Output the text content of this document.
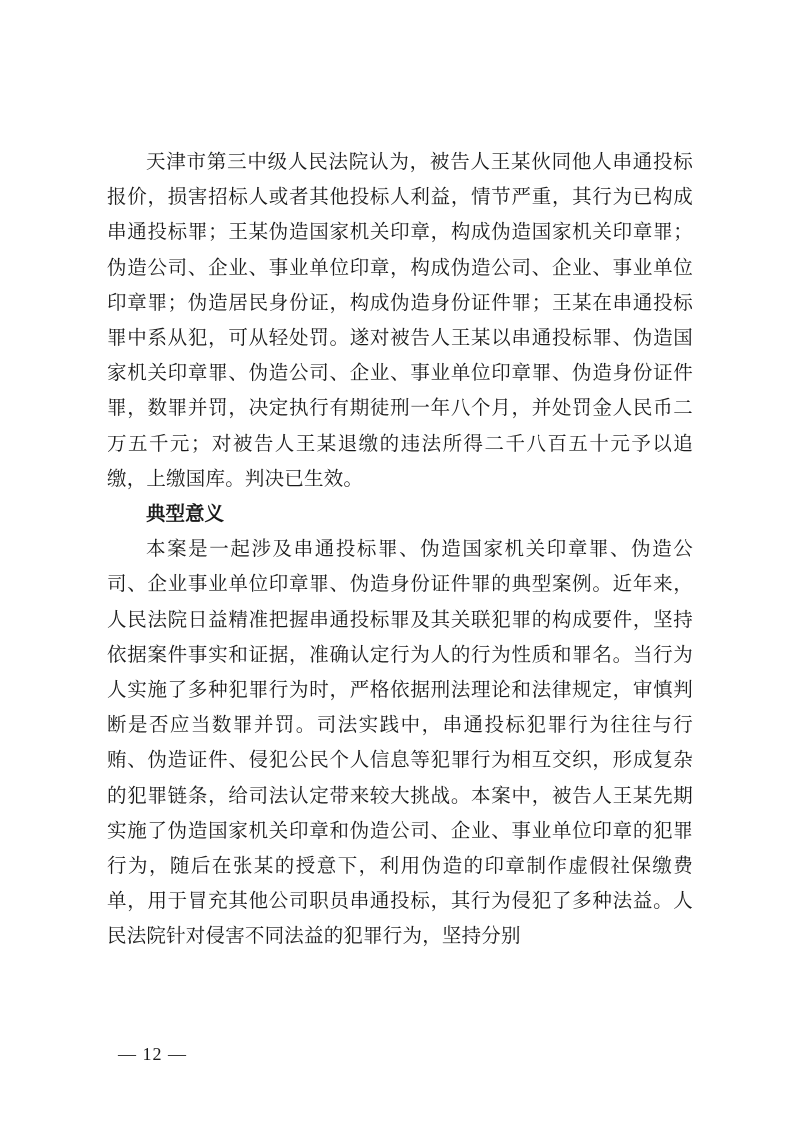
天津市第三中级人民法院认为，被告人王某伙同他人串通投标报价，损害招标人或者其他投标人利益，情节严重，其行为已构成串通投标罪；王某伪造国家机关印章，构成伪造国家机关印章罪；伪造公司、企业、事业单位印章，构成伪造公司、企业、事业单位印章罪；伪造居民身份证，构成伪造身份证件罪；王某在串通投标罪中系从犯，可从轻处罚。遂对被告人王某以串通投标罪、伪造国家机关印章罪、伪造公司、企业、事业单位印章罪、伪造身份证件罪，数罪并罚，决定执行有期徒刑一年八个月，并处罚金人民币二万五千元；对被告人王某退缴的违法所得二千八百五十元予以追缴，上缴国库。判决已生效。

典型意义

本案是一起涉及串通投标罪、伪造国家机关印章罪、伪造公司、企业事业单位印章罪、伪造身份证件罪的典型案例。近年来，人民法院日益精准把握串通投标罪及其关联犯罪的构成要件，坚持依据案件事实和证据，准确认定行为人的行为性质和罪名。当行为人实施了多种犯罪行为时，严格依据刑法理论和法律规定，审慎判断是否应当数罪并罚。司法实践中，串通投标犯罪行为往往与行贿、伪造证件、侵犯公民个人信息等犯罪行为相互交织，形成复杂的犯罪链条，给司法认定带来较大挑战。本案中，被告人王某先期实施了伪造国家机关印章和伪造公司、企业、事业单位印章的犯罪行为，随后在张某的授意下，利用伪造的印章制作虚假社保缴费单，用于冒充其他公司职员串通投标，其行为侵犯了多种法益。人民法院针对侵害不同法益的犯罪行为，坚持分别

— 12 —
